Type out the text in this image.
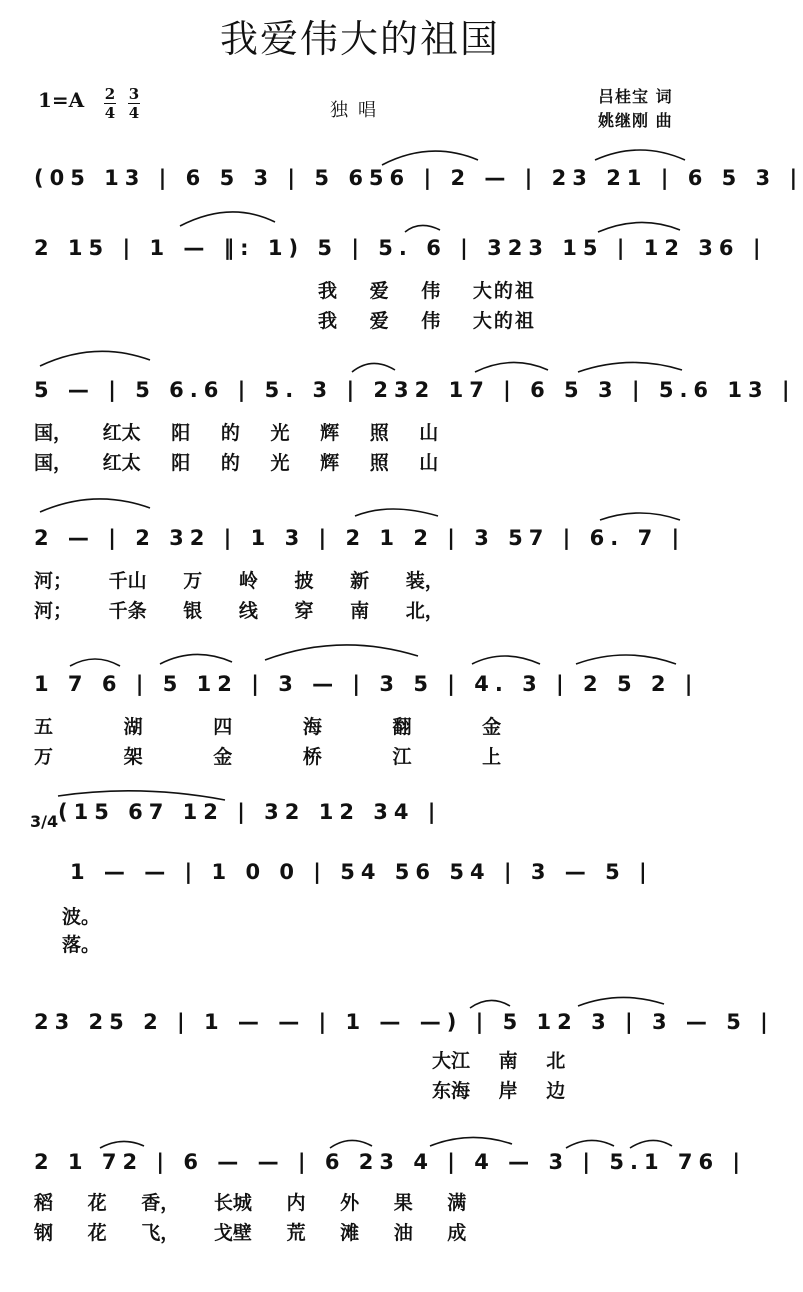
我爱伟大的祖国
1=A 2
4
3
4	独唱
吕桂宝 词
姚继刚 曲
(05 13 | 6 5 3 | 5 656 | 2 — | 23 21 | 6 5 3 |
2 15 | 1 — ‖: 1) 5 | 5. 6 | 323 15 | 12 36 |
我 爱 伟 大的祖
我 爱 伟 大的祖
5 — | 5 6.6 | 5. 3 | 232 17 | 6 5 3 | 5.6 13 |
国， 红太 阳 的 光 辉 照 山
国， 红太 阳 的 光 辉 照 山
2 — | 2 32 | 1 3 | 2 1 2 | 3 57 | 6. 7 |
河； 千山 万 岭 披 新 装，
河； 千条 银 线 穿 南 北，
1 7 6 | 5 12 | 3 — | 3 5 | 4. 3 | 2 5 2 |
五 湖 四 海 翻 金
万 架 金 桥 江 上
3/4 (15 67 12 | 32 12 34 |
1 — — | 1 0 0 | 54 56 54 | 3 — 5 |
波。
落。
23 25 2 | 1 — — | 1 — —) | 5 12 3 | 3 — 5 |
大江 南 北
东海 岸 边
2 1 72 | 6 — — | 6 23 4 | 4 — 3 | 5.1 76 |
稻 花 香， 长城 内 外 果 满
钢 花 飞， 戈壁 荒 滩 油 成
